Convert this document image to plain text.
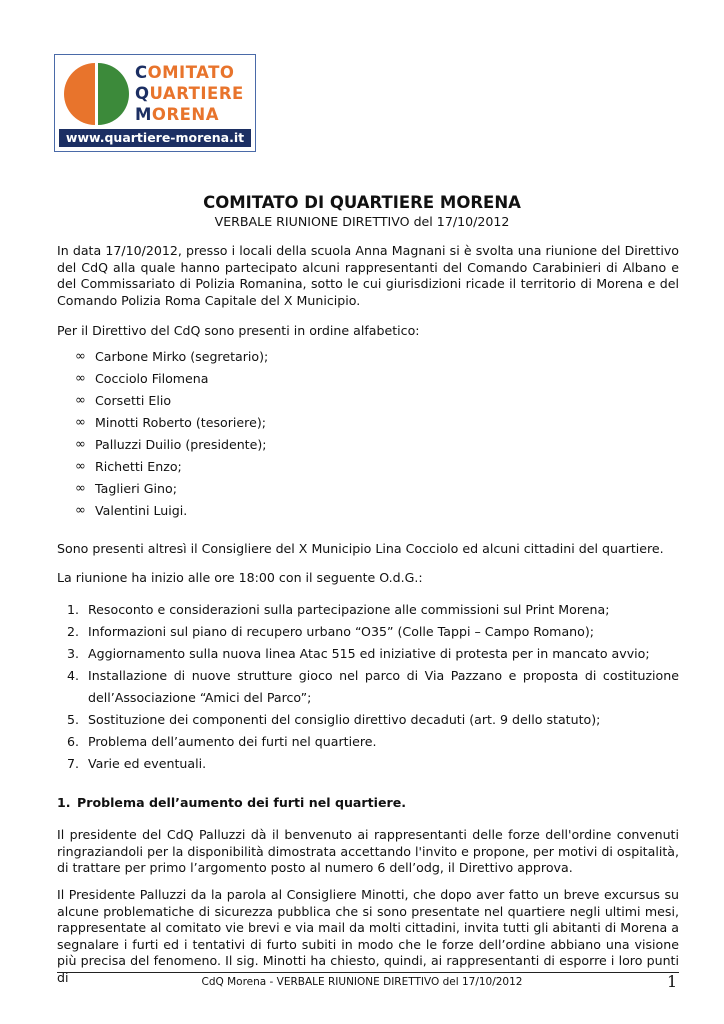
COMITATO
QUARTIERE
MORENA
www.quartiere-morena.it
COMITATO DI QUARTIERE MORENA
VERBALE RIUNIONE DIRETTIVO del 17/10/2012
In data 17/10/2012, presso i locali della scuola Anna Magnani si è svolta una riunione del Direttivo del CdQ alla quale hanno partecipato alcuni rappresentanti del Comando Carabinieri di Albano e del Commissariato di Polizia Romanina, sotto le cui giurisdizioni ricade il territorio di Morena e del Comando Polizia Roma Capitale del X Municipio.
Per il Direttivo del CdQ sono presenti in ordine alfabetico:
∞ Carbone Mirko (segretario);
∞ Cocciolo Filomena
∞ Corsetti Elio
∞ Minotti Roberto (tesoriere);
∞ Palluzzi Duilio (presidente);
∞ Richetti Enzo;
∞ Taglieri Gino;
∞ Valentini Luigi.
Sono presenti altresì il Consigliere del X Municipio Lina Cocciolo ed alcuni cittadini del quartiere.
La riunione ha inizio alle ore 18:00 con il seguente O.d.G.:
1. Resoconto e considerazioni sulla partecipazione alle commissioni sul Print Morena;
2. Informazioni sul piano di recupero urbano “O35” (Colle Tappi – Campo Romano);
3. Aggiornamento sulla nuova linea Atac 515 ed iniziative di protesta per in mancato avvio;
4. Installazione di nuove strutture gioco nel parco di Via Pazzano e proposta di costituzione dell’Associazione “Amici del Parco”;
5. Sostituzione dei componenti del consiglio direttivo decaduti (art. 9 dello statuto);
6. Problema dell’aumento dei furti nel quartiere.
7. Varie ed eventuali.
1. Problema dell’aumento dei furti nel quartiere.
Il presidente del CdQ Palluzzi dà il benvenuto ai rappresentanti delle forze dell'ordine convenuti ringraziandoli per la disponibilità dimostrata accettando l'invito e propone, per motivi di ospitalità, di trattare per primo l’argomento posto al numero 6 dell’odg, il Direttivo approva.
Il Presidente Palluzzi da la parola al Consigliere Minotti, che dopo aver fatto un breve excursus su alcune problematiche di sicurezza pubblica che si sono presentate nel quartiere negli ultimi mesi, rappresentate al comitato vie brevi e via mail da molti cittadini, invita tutti gli abitanti di Morena a segnalare i furti ed i tentativi di furto subiti in modo che le forze dell’ordine abbiano una visione più precisa del fenomeno. Il sig. Minotti ha chiesto, quindi, ai rappresentanti di esporre i loro punti di	CdQ Morena - VERBALE RIUNIONE DIRETTIVO del 17/10/2012	1
